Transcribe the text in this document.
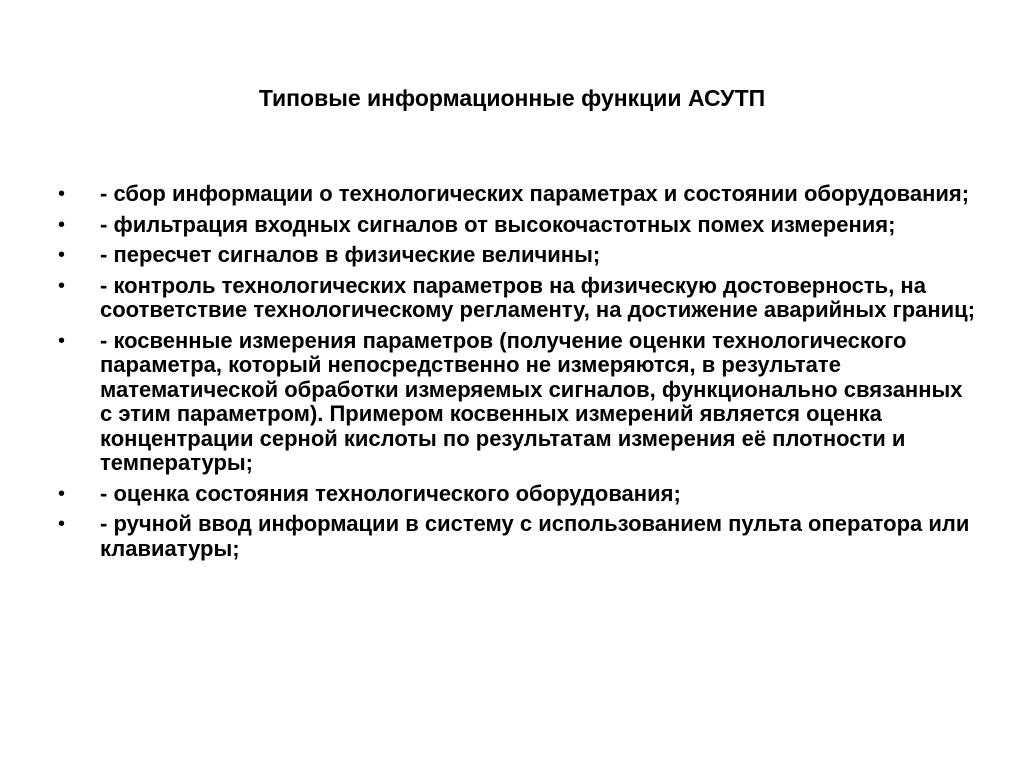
Типовые информационные функции АСУТП
•	- сбор информации о технологических параметрах и состоянии оборудования;
•	- фильтрация входных сигналов от высокочастотных помех измерения;
•	- пересчет сигналов в физические величины;
•	- контроль технологических параметров на физическую достоверность, на соответствие технологическому регламенту, на достижение аварийных границ;
•	- косвенные измерения параметров (получение оценки технологического параметра, который непосредственно не измеряются, в результате математической обработки измеряемых сигналов, функционально связанных с этим параметром). Примером косвенных измерений является оценка концентрации серной кислоты по результатам измерения её плотности и температуры;
•	- оценка состояния технологического оборудования;
•	- ручной ввод информации в систему с использованием пульта оператора или клавиатуры;
